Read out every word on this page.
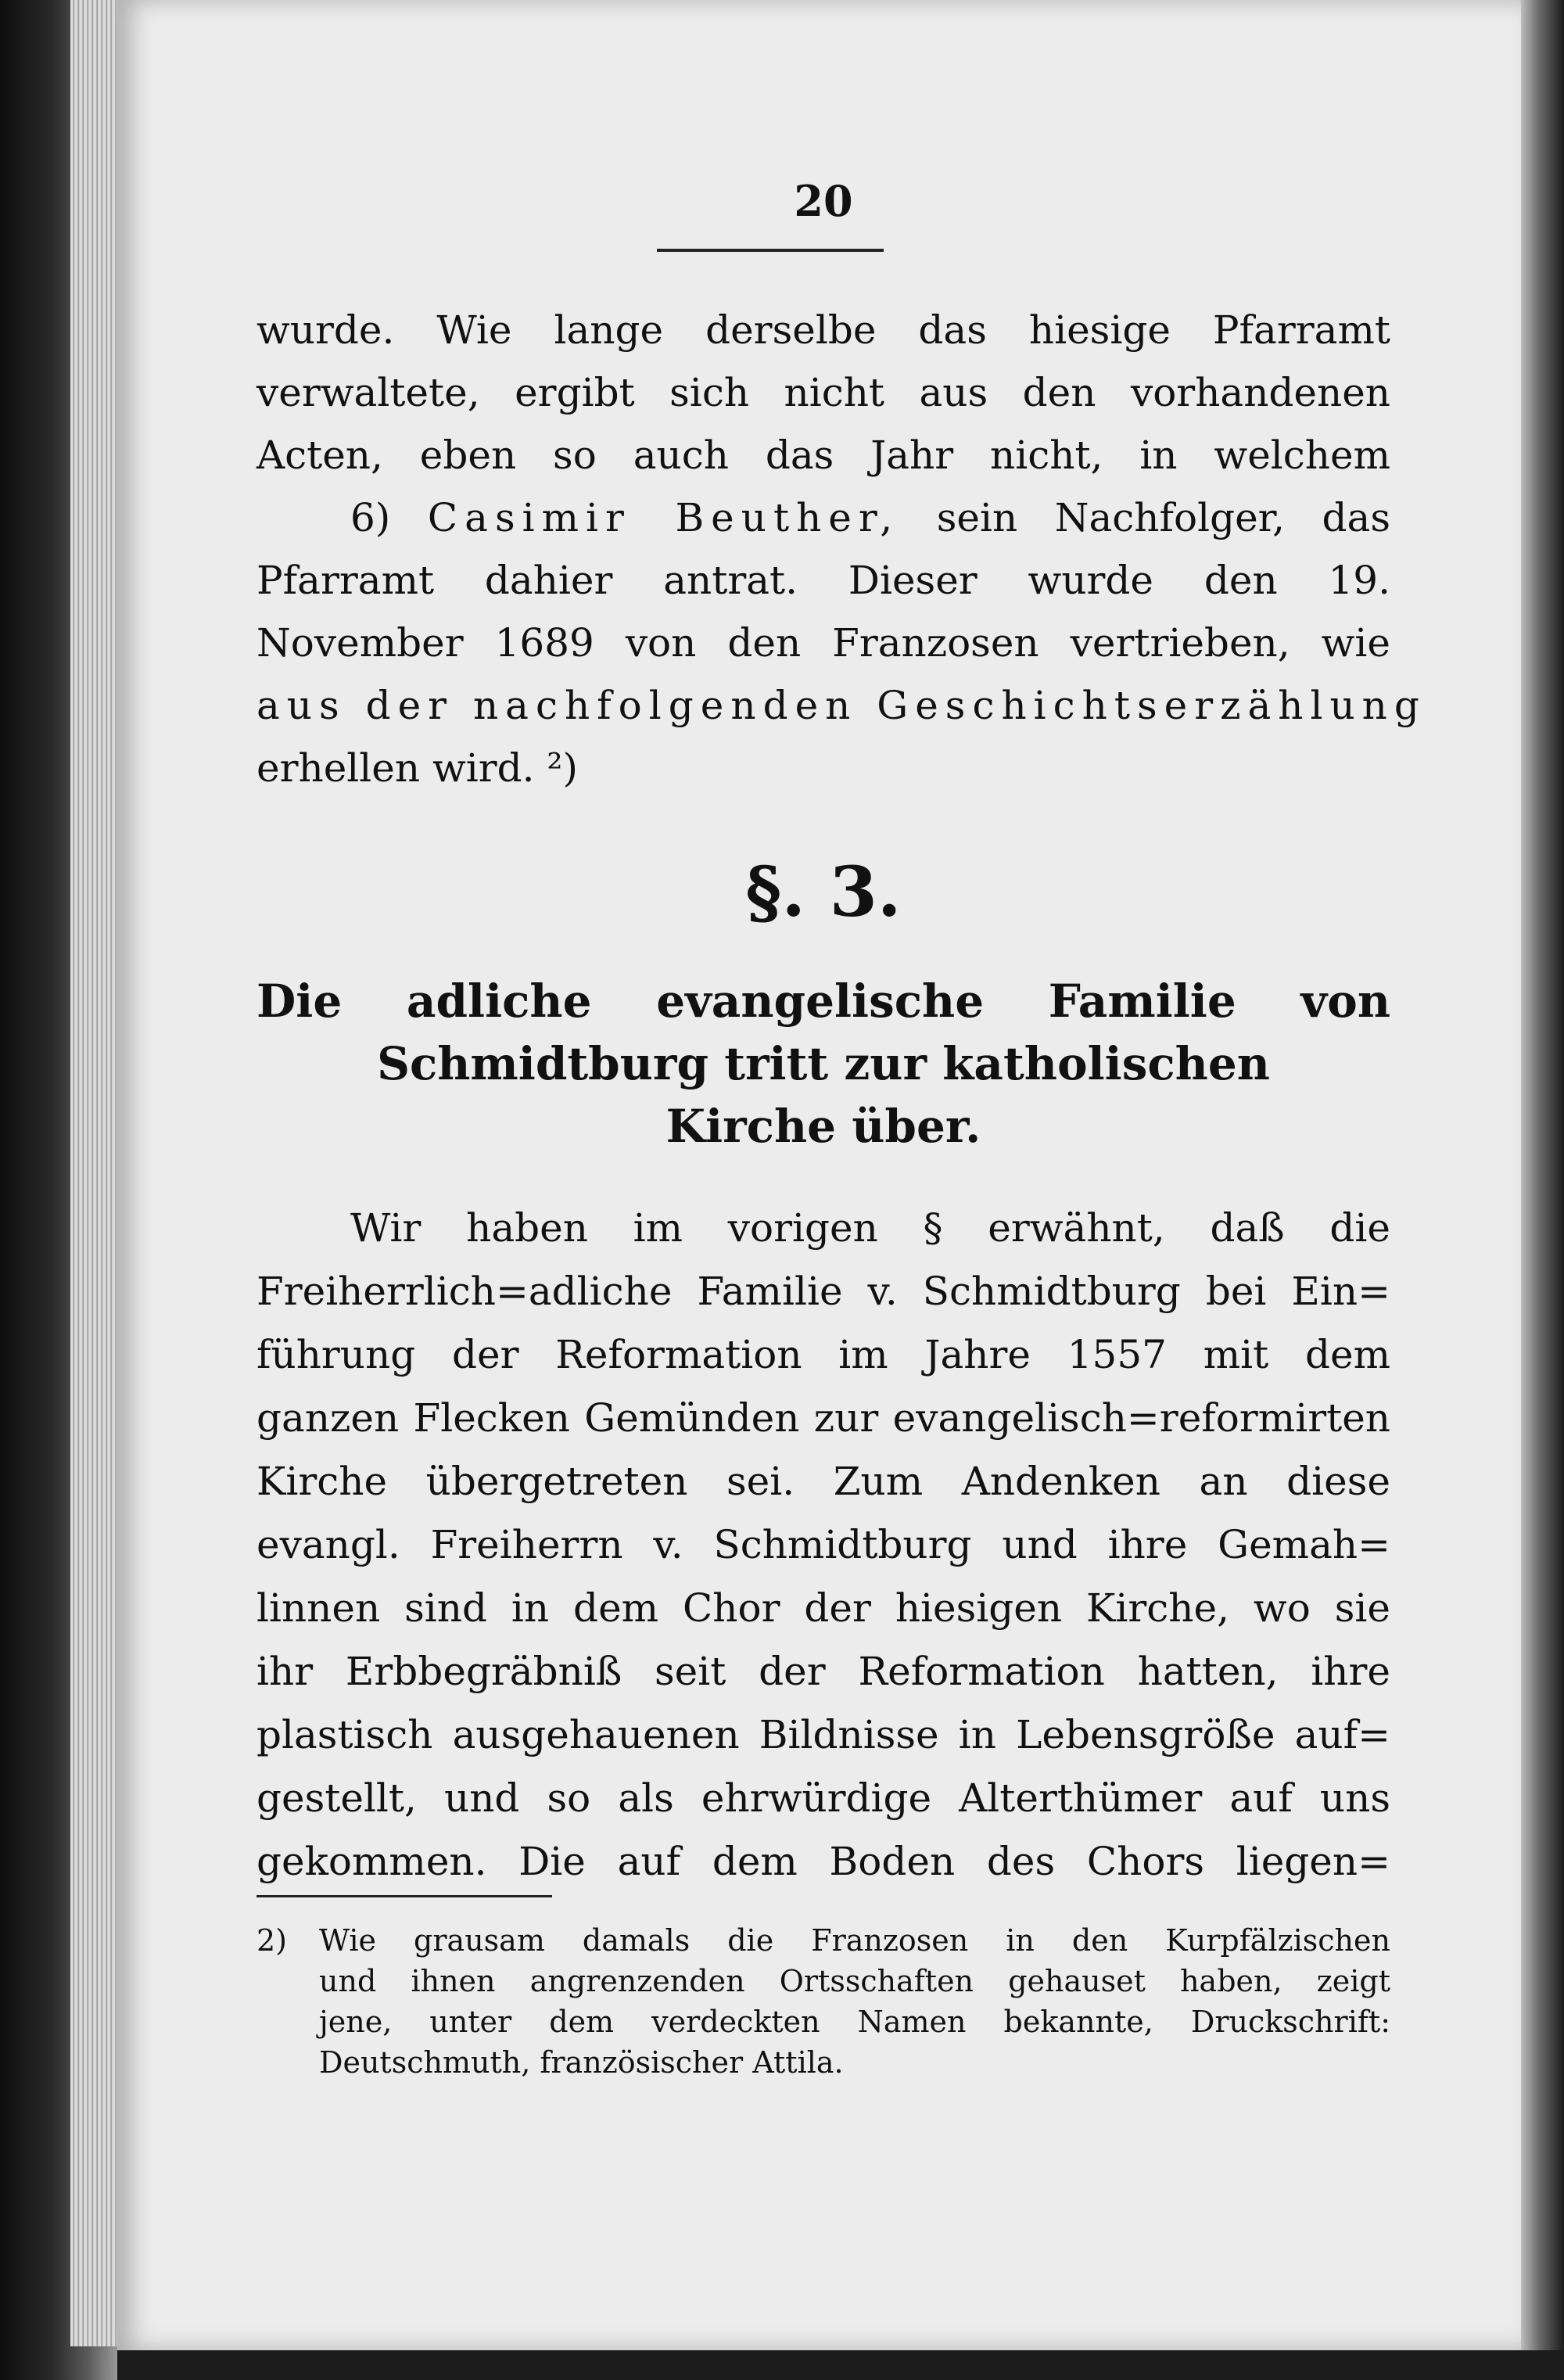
20
wurde. Wie lange derselbe das hiesige Pfarramt
verwaltete, ergibt sich nicht aus den vorhandenen
Acten, eben so auch das Jahr nicht, in welchem
6) Casimir Beuther, sein Nachfolger, das
Pfarramt dahier antrat. Dieser wurde den 19.
November 1689 von den Franzosen vertrieben, wie
aus der nachfolgenden Geschichtserzählung
erhellen wird. ²)
§. 3.
Die adliche evangelische Familie von
Schmidtburg tritt zur katholischen
Kirche über.
Wir haben im vorigen § erwähnt, daß die
Freiherrlich=adliche Familie v. Schmidtburg bei Ein=
führung der Reformation im Jahre 1557 mit dem
ganzen Flecken Gemünden zur evangelisch=reformirten
Kirche übergetreten sei. Zum Andenken an diese
evangl. Freiherrn v. Schmidtburg und ihre Gemah=
linnen sind in dem Chor der hiesigen Kirche, wo sie
ihr Erbbegräbniß seit der Reformation hatten, ihre
plastisch ausgehauenen Bildnisse in Lebensgröße auf=
gestellt, und so als ehrwürdige Alterthümer auf uns
gekommen. Die auf dem Boden des Chors liegen=
2)	Wie grausam damals die Franzosen in den Kurpfälzischen
und ihnen angrenzenden Ortsschaften gehauset haben, zeigt
jene, unter dem verdeckten Namen bekannte, Druckschrift:
Deutschmuth, französischer Attila.
